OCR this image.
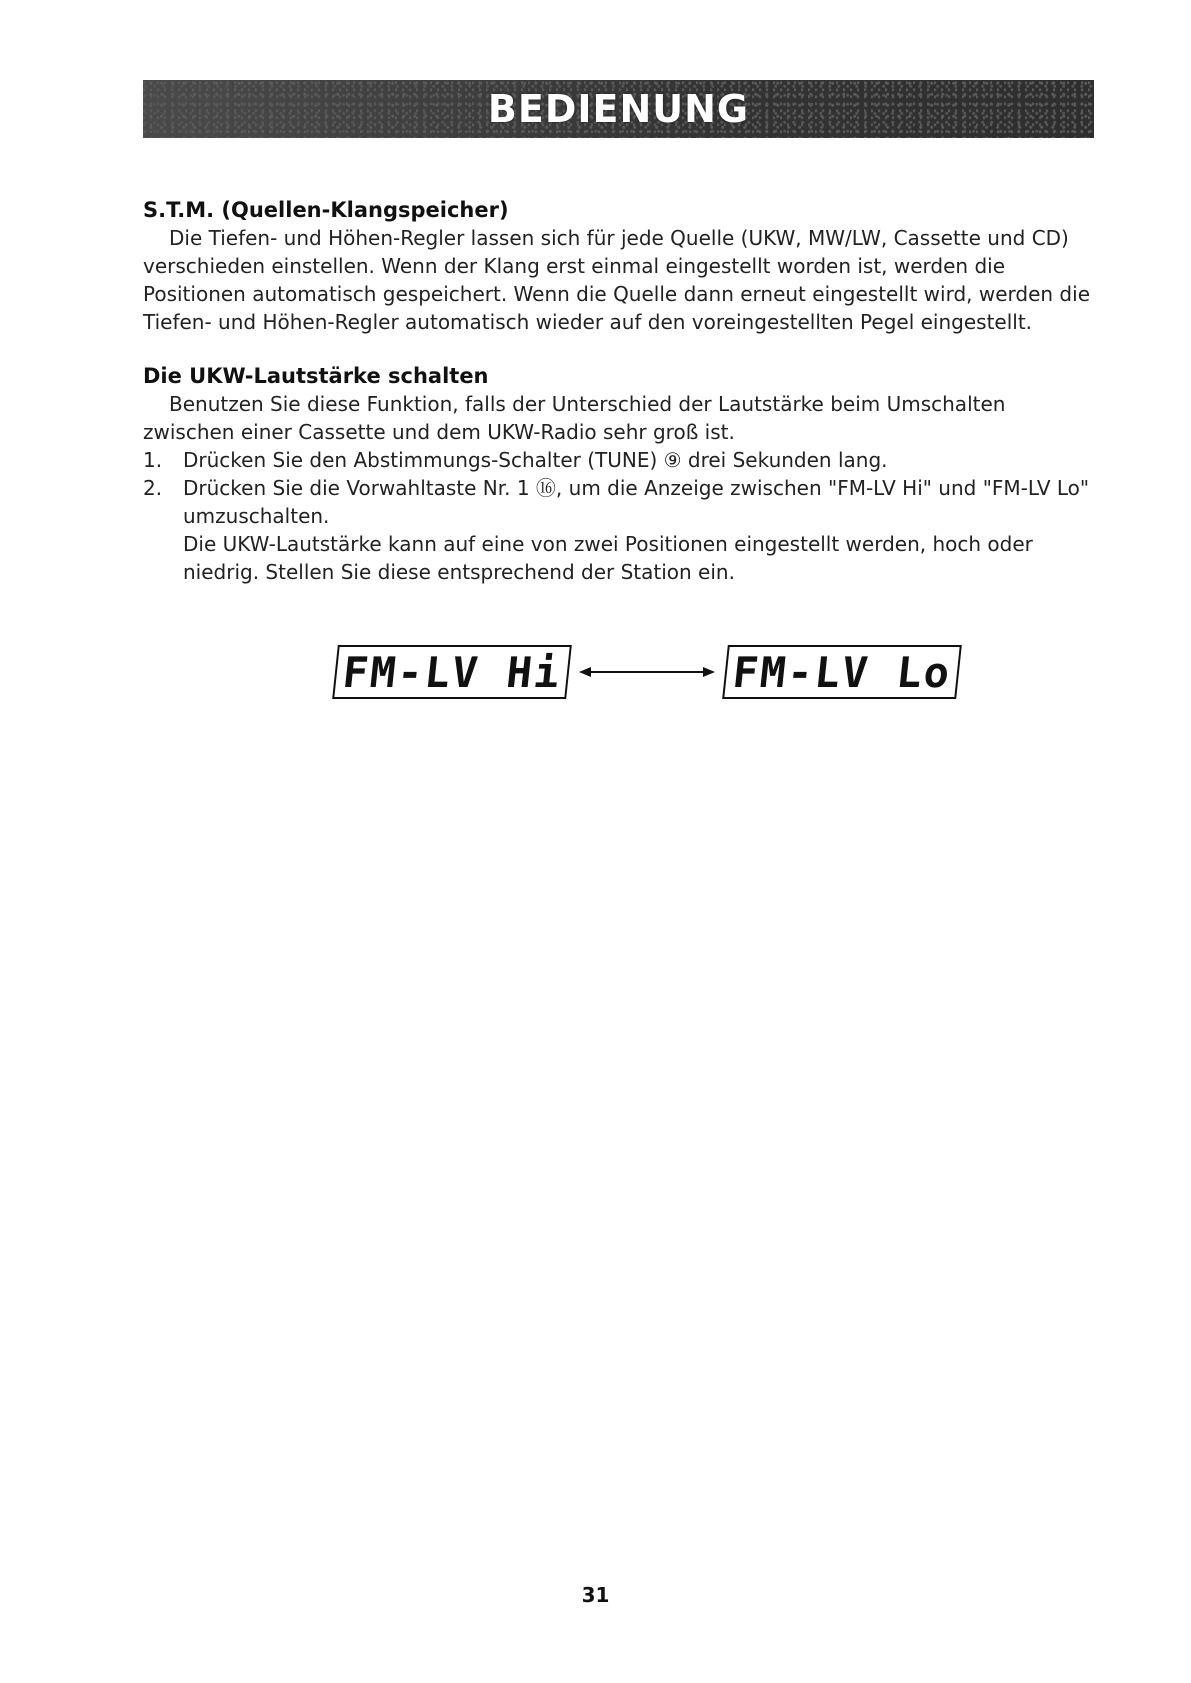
BEDIENUNG
S.T.M. (Quellen-Klangspeicher)

Die Tiefen- und Höhen-Regler lassen sich für jede Quelle (UKW, MW/LW, Cassette und CD) verschieden einstellen. Wenn der Klang erst einmal eingestellt worden ist, werden die Positionen automatisch gespeichert. Wenn die Quelle dann erneut eingestellt wird, werden die Tiefen- und Höhen-Regler automatisch wieder auf den voreingestellten Pegel eingestellt.

Die UKW-Lautstärke schalten

Benutzen Sie diese Funktion, falls der Unterschied der Lautstärke beim Umschalten zwischen einer Cassette und dem UKW-Radio sehr groß ist.

1. Drücken Sie den Abstimmungs-Schalter (TUNE) ⑨ drei Sekunden lang.
2. Drücken Sie die Vorwahltaste Nr. 1 ⑯, um die Anzeige zwischen "FM-LV Hi" und "FM-LV Lo" umzuschalten.
Die UKW-Lautstärke kann auf eine von zwei Positionen eingestellt werden, hoch oder niedrig. Stellen Sie diese entsprechend der Station ein.
FM-LV Hi	FM-LV Lo
31
